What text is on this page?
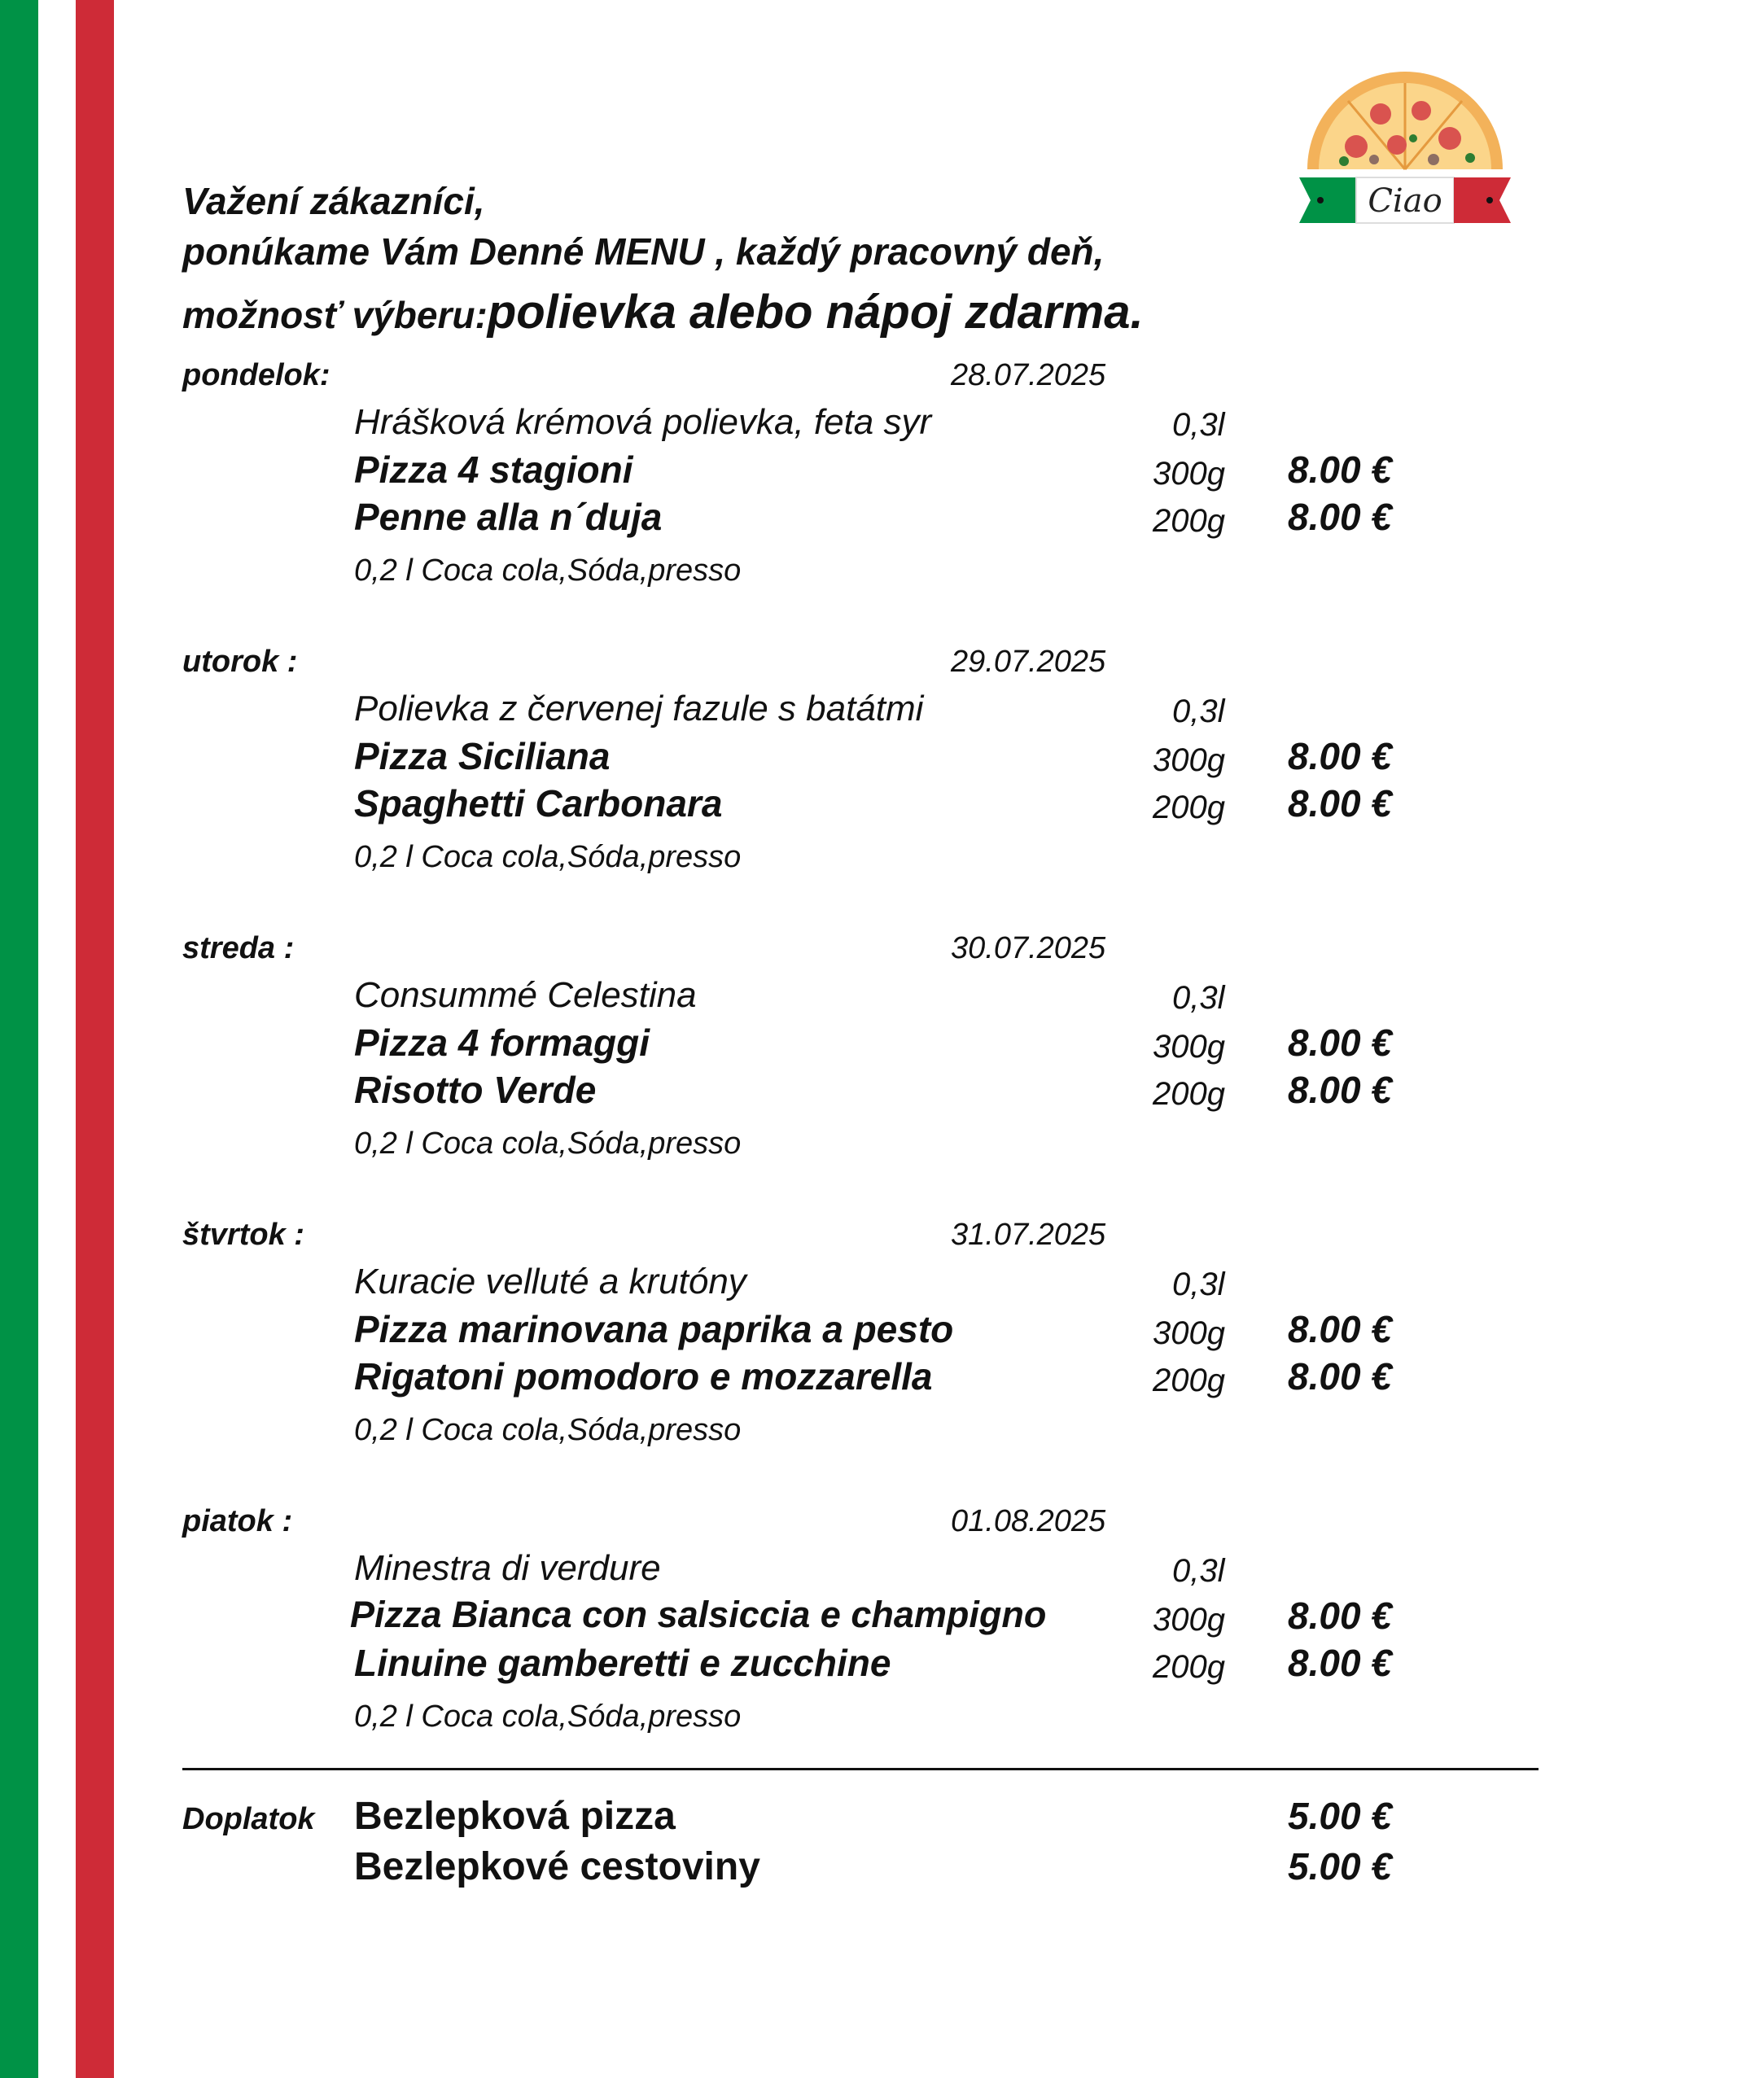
Ciao
Važení zákazníci,
ponúkame Vám Denné MENU , každý pracovný deň,
možnosť výberu:polievka alebo nápoj zdarma.
pondelok:	28.07.2025
Hrášková krémová polievka, feta syr	0,3l
Pizza 4 stagioni	300g 8.00 €
Penne alla n´duja	200g 8.00 €
0,2 l Coca cola,Sóda,presso
utorok :	29.07.2025
Polievka z červenej fazule s batátmi	0,3l
Pizza Siciliana	300g 8.00 €
Spaghetti Carbonara	200g 8.00 €
0,2 l Coca cola,Sóda,presso
streda :	30.07.2025
Consummé Celestina	0,3l
Pizza 4 formaggi	300g 8.00 €
Risotto Verde	200g 8.00 €
0,2 l Coca cola,Sóda,presso
štvrtok :	31.07.2025
Kuracie velluté a krutóny	0,3l
Pizza marinovana paprika a pesto	300g 8.00 €
Rigatoni pomodoro e mozzarella	200g 8.00 €
0,2 l Coca cola,Sóda,presso
piatok :	01.08.2025
Minestra di verdure	0,3l
Pizza Bianca con salsiccia e champigno	300g 8.00 €
Linuine gamberetti e zucchine	200g 8.00 €
0,2 l Coca cola,Sóda,presso
Doplatok Bezlepková pizza	5.00 €
Bezlepkové cestoviny	5.00 €
